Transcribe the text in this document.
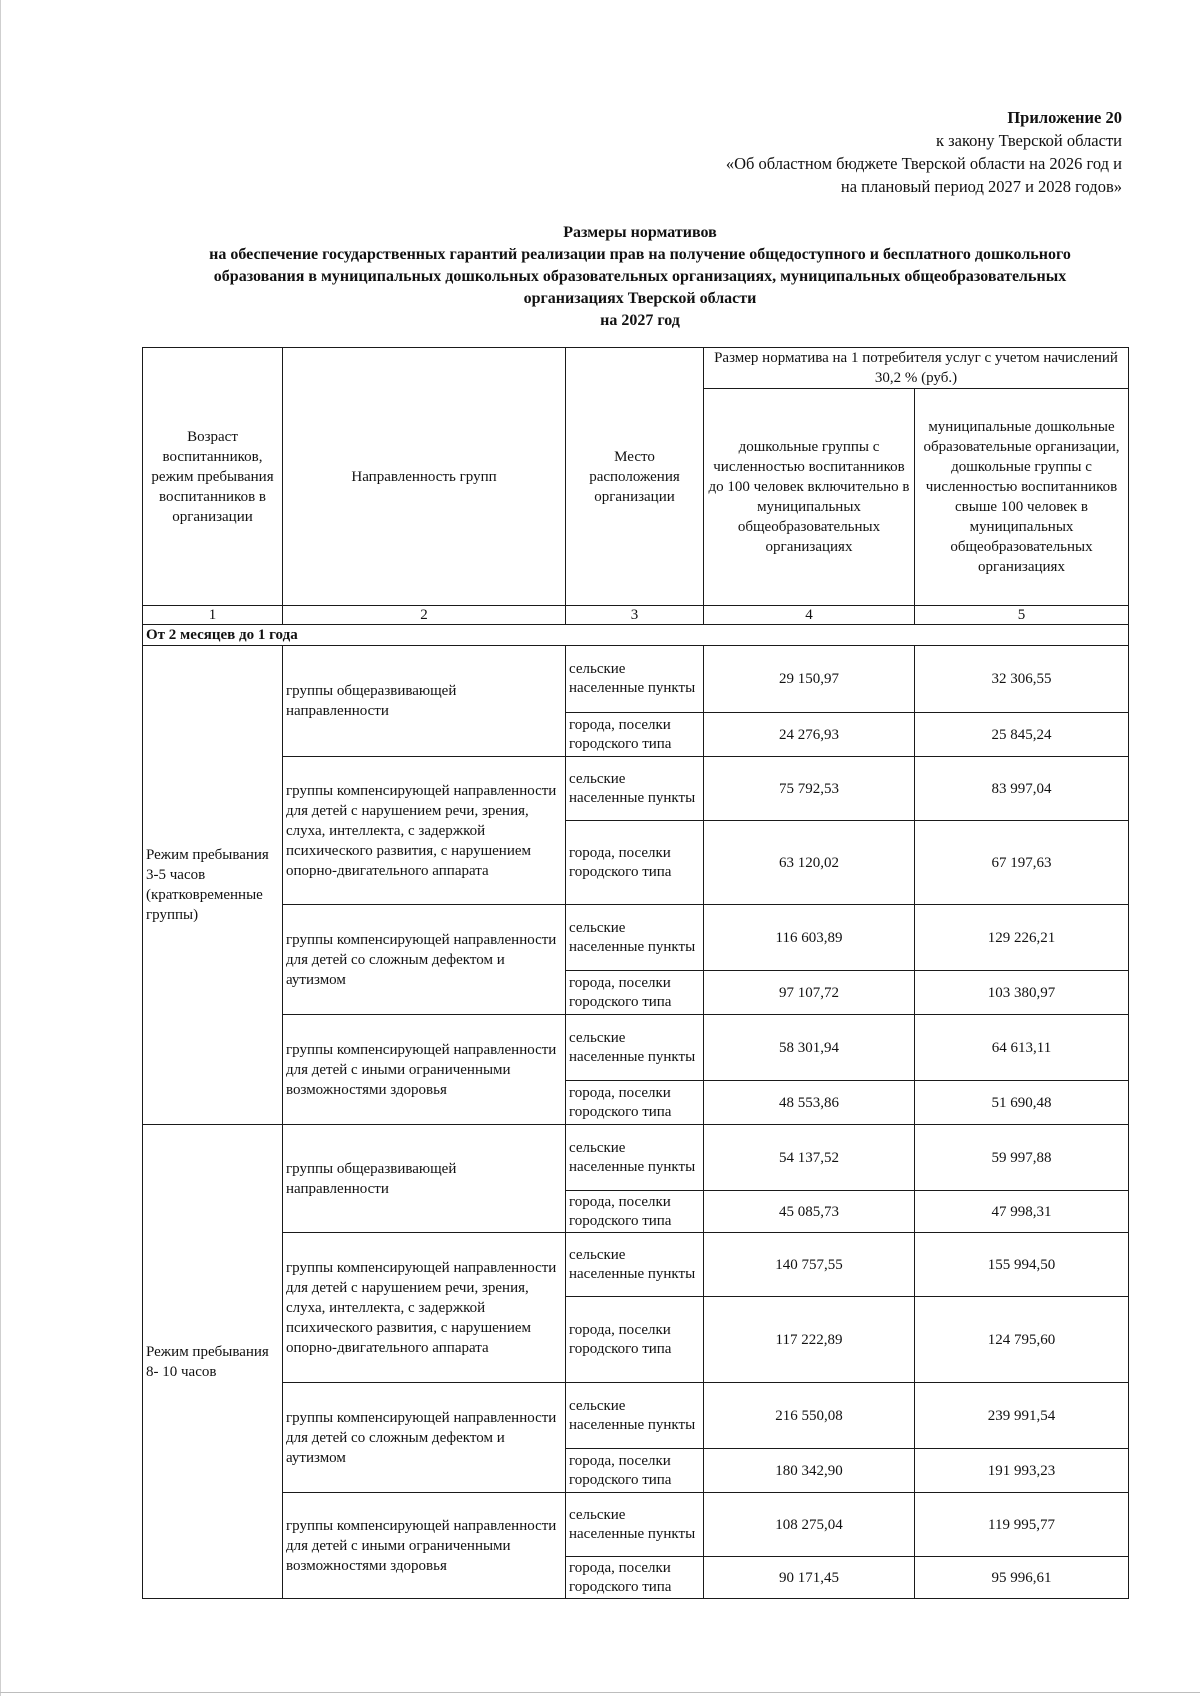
Приложение 20
к закону Тверской области
«Об областном бюджете Тверской области на 2026 год и
на плановый период 2027 и 2028 годов»
Размеры нормативов
на обеспечение государственных гарантий реализации прав на получение общедоступного и бесплатного дошкольного
образования в муниципальных дошкольных образовательных организациях, муниципальных общеобразовательных
организациях Тверской области
на 2027 год
Возраст воспитанников, режим пребывания воспитанников в организации	Направленность групп	Место расположения организации	Размер норматива на 1 потребителя услуг с учетом начислений 30,2 % (руб.)	
			дошкольные группы с численностью воспитанников до 100 человек включительно в муниципальных общеобразовательных организациях	муниципальные дошкольные образовательные организации, дошкольные группы с численностью воспитанников свыше 100 человек в муниципальных общеобразовательных организациях
1	2	3	4	5
От 2 месяцев до 1 года				
Режим пребывания 3-5 часов (кратковременные группы)	группы общеразвивающей направленности	сельские населенные пункты	29 150,97	32 306,55
		города, поселки городского типа	24 276,93	25 845,24
	группы компенсирующей направленности для детей с нарушением речи, зрения, слуха, интеллекта, с задержкой психического развития, с нарушением опорно-двигательного аппарата	сельские населенные пункты	75 792,53	83 997,04
		города, поселки городского типа	63 120,02	67 197,63
	группы компенсирующей направленности для детей со сложным дефектом и аутизмом	сельские населенные пункты	116 603,89	129 226,21
		города, поселки городского типа	97 107,72	103 380,97
	группы компенсирующей направленности для детей с иными ограниченными возможностями здоровья	сельские населенные пункты	58 301,94	64 613,11
		города, поселки городского типа	48 553,86	51 690,48
Режим пребывания 8- 10 часов	группы общеразвивающей направленности	сельские населенные пункты	54 137,52	59 997,88
		города, поселки городского типа	45 085,73	47 998,31
	группы компенсирующей направленности для детей с нарушением речи, зрения, слуха, интеллекта, с задержкой психического развития, с нарушением опорно-двигательного аппарата	сельские населенные пункты	140 757,55	155 994,50
		города, поселки городского типа	117 222,89	124 795,60
	группы компенсирующей направленности для детей со сложным дефектом и аутизмом	сельские населенные пункты	216 550,08	239 991,54
		города, поселки городского типа	180 342,90	191 993,23
	группы компенсирующей направленности для детей с иными ограниченными возможностями здоровья	сельские населенные пункты	108 275,04	119 995,77
		города, поселки городского типа	90 171,45	95 996,61
